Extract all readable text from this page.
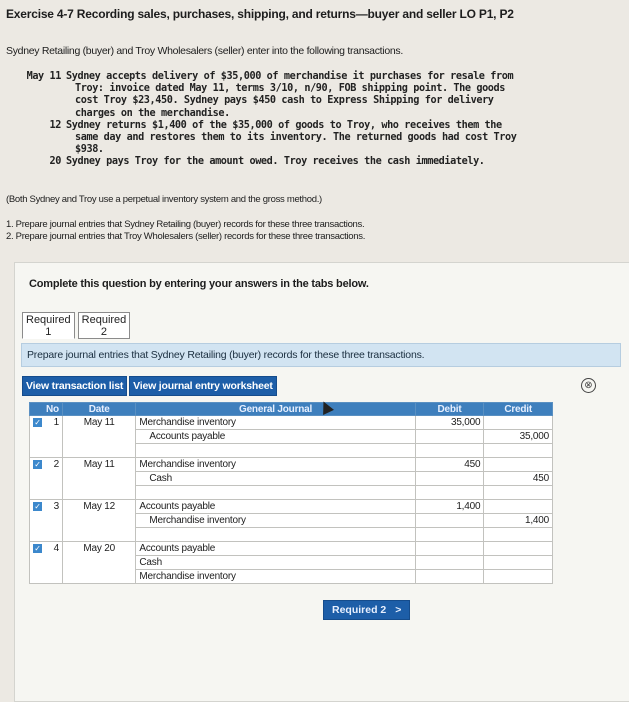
Exercise 4-7 Recording sales, purchases, shipping, and returns—buyer and seller LO P1, P2
Sydney Retailing (buyer) and Troy Wholesalers (seller) enter into the following transactions.
May 11 Sydney accepts delivery of $35,000 of merchandise it purchases for resale from
Troy: invoice dated May 11, terms 3/10, n/90, FOB shipping point. The goods
cost Troy $23,450. Sydney pays $450 cash to Express Shipping for delivery
charges on the merchandise.
12 Sydney returns $1,400 of the $35,000 of goods to Troy, who receives them the
same day and restores them to its inventory. The returned goods had cost Troy
$938.
20 Sydney pays Troy for the amount owed. Troy receives the cash immediately.
(Both Sydney and Troy use a perpetual inventory system and the gross method.)
1. Prepare journal entries that Sydney Retailing (buyer) records for these three transactions.
2. Prepare journal entries that Troy Wholesalers (seller) records for these three transactions.
Complete this question by entering your answers in the tabs below.
Required
1
Required
2
Prepare journal entries that Sydney Retailing (buyer) records for these three transactions.
View transaction list View journal entry worksheet	⊗
No	Date	General Journal	Debit	Credit

✓ 1	May 11	Merchandise inventory	35,000	

		Accounts payable		35,000

✓ 2	May 11	Merchandise inventory	450	

		Cash		450

✓ 3	May 12	Accounts payable	1,400	

		Merchandise inventory		1,400

✓ 4	May 20	Accounts payable		
		Cash		
		Merchandise inventory		
Required 2 >
